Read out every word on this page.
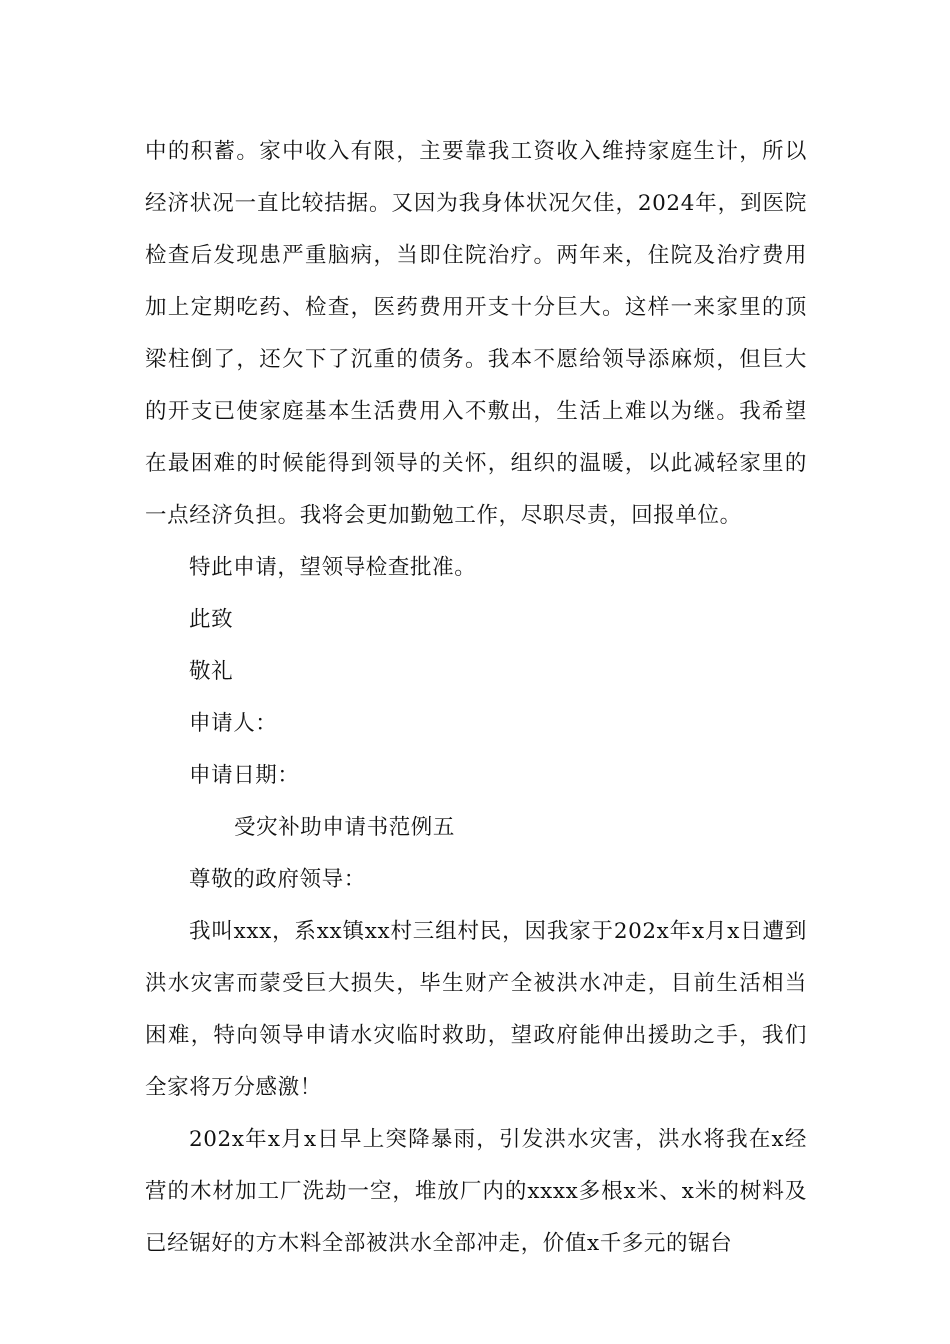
中的积蓄。家中收入有限，主要靠我工资收入维持家庭生计，所以经济状况一直比较拮据。又因为我身体状况欠佳，2024年，到医院检查后发现患严重脑病，当即住院治疗。两年来，住院及治疗费用加上定期吃药、检查，医药费用开支十分巨大。这样一来家里的顶梁柱倒了，还欠下了沉重的债务。我本不愿给领导添麻烦，但巨大的开支已使家庭基本生活费用入不敷出，生活上难以为继。我希望在最困难的时候能得到领导的关怀，组织的温暖，以此减轻家里的一点经济负担。我将会更加勤勉工作，尽职尽责，回报单位。

特此申请，望领导检查批准。

此致

敬礼

申请人：

申请日期：

受灾补助申请书范例五

尊敬的政府领导：

我叫xxx，系xx镇xx村三组村民，因我家于202x年x月x日遭到洪水灾害而蒙受巨大损失，毕生财产全被洪水冲走，目前生活相当困难，特向领导申请水灾临时救助，望政府能伸出援助之手，我们全家将万分感激！

202x年x月x日早上突降暴雨，引发洪水灾害，洪水将我在x经营的木材加工厂洗劫一空，堆放厂内的xxxx多根x米、x米的树料及已经锯好的方木料全部被洪水全部冲走，价值x千多元的锯台
